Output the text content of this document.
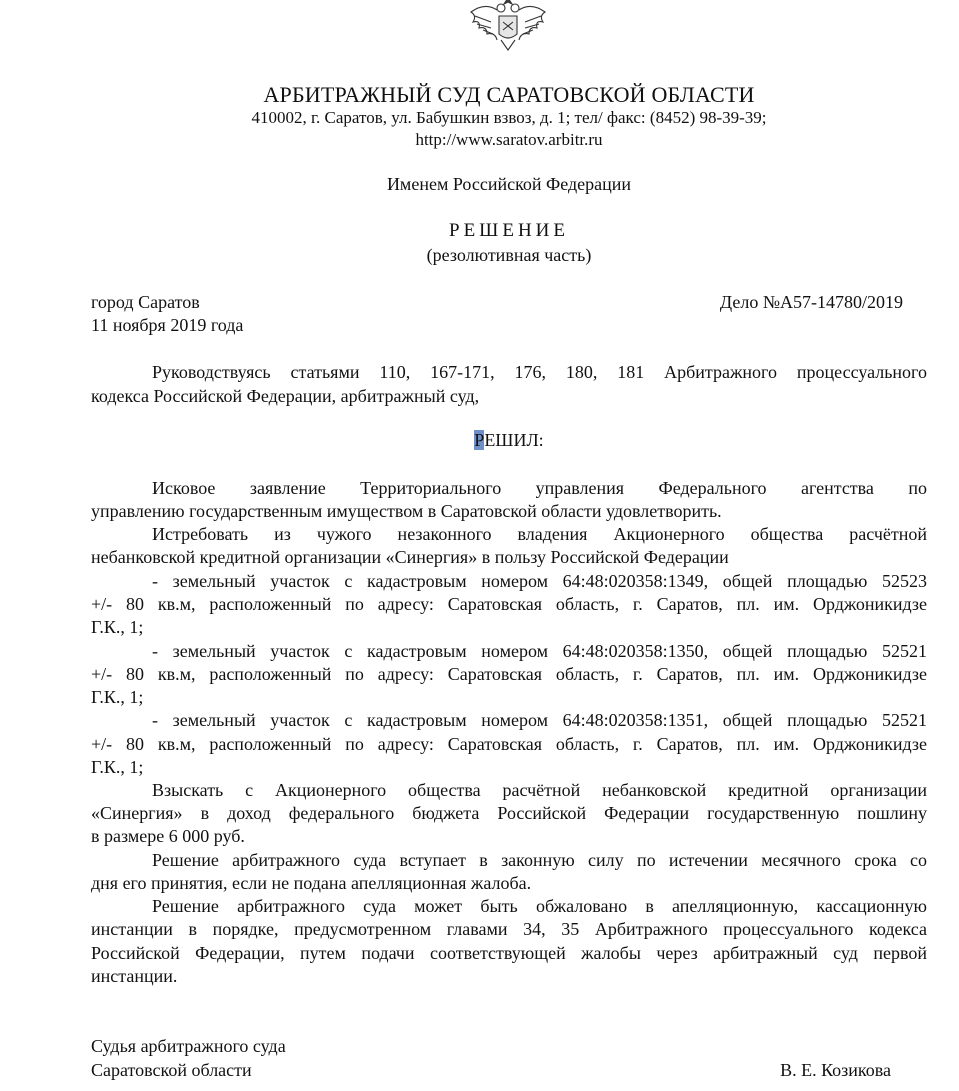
АРБИТРАЖНЫЙ СУД САРАТОВСКОЙ ОБЛАСТИ
410002, г. Саратов, ул. Бабушкин взвоз, д. 1; тел/ факс: (8452) 98-39-39;
http://www.saratov.arbitr.ru
Именем Российской Федерации
РЕШЕНИЕ
(резолютивная часть)
город Саратов
11 ноября 2019 года
Дело №А57-14780/2019
Руководствуясь статьями 110, 167-171, 176, 180, 181 Арбитражного процессуального
кодекса Российской Федерации, арбитражный суд,
РЕШИЛ:
Исковое заявление Территориального управления Федерального агентства по
управлению государственным имуществом в Саратовской области удовлетворить.
Истребовать из чужого незаконного владения Акционерного общества расчётной
небанковской кредитной организации «Синергия» в пользу Российской Федерации
- земельный участок с кадастровым номером 64:48:020358:1349, общей площадью 52523
+/- 80 кв.м, расположенный по адресу: Саратовская область, г. Саратов, пл. им. Орджоникидзе
Г.К., 1;
- земельный участок с кадастровым номером 64:48:020358:1350, общей площадью 52521
+/- 80 кв.м, расположенный по адресу: Саратовская область, г. Саратов, пл. им. Орджоникидзе
Г.К., 1;
- земельный участок с кадастровым номером 64:48:020358:1351, общей площадью 52521
+/- 80 кв.м, расположенный по адресу: Саратовская область, г. Саратов, пл. им. Орджоникидзе
Г.К., 1;
Взыскать с Акционерного общества расчётной небанковской кредитной организации
«Синергия» в доход федерального бюджета Российской Федерации государственную пошлину
в размере 6 000 руб.
Решение арбитражного суда вступает в законную силу по истечении месячного срока со
дня его принятия, если не подана апелляционная жалоба.
Решение арбитражного суда может быть обжаловано в апелляционную, кассационную
инстанции в порядке, предусмотренном главами 34, 35 Арбитражного процессуального кодекса
Российской Федерации, путем подачи соответствующей жалобы через арбитражный суд первой
инстанции.
Судья арбитражного суда
Саратовской области	В. Е. Козикова
